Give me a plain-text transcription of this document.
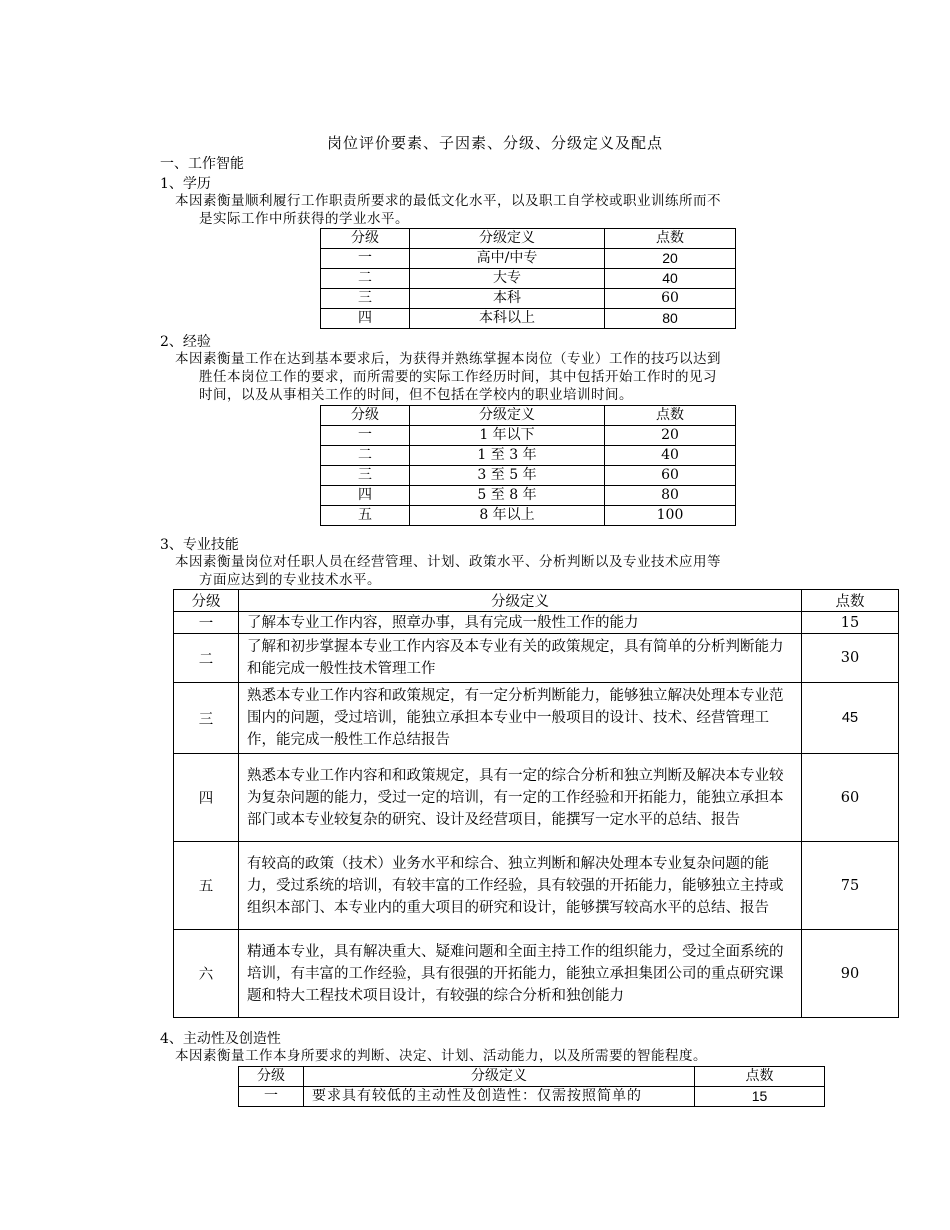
岗位评价要素、子因素、分级、分级定义及配点
一、工作智能
1、学历
本因素衡量顺利履行工作职责所要求的最低文化水平，以及职工自学校或职业训练所而不
是实际工作中所获得的学业水平。
分级	分级定义	点数
一	高中/中专	20
二	大专	40
三	本科	60
四	本科以上	80
2、经验
本因素衡量工作在达到基本要求后，为获得并熟练掌握本岗位（专业）工作的技巧以达到
胜任本岗位工作的要求，而所需要的实际工作经历时间，其中包括开始工作时的见习
时间，以及从事相关工作的时间，但不包括在学校内的职业培训时间。
分级	分级定义	点数
一	1 年以下	20
二	1 至 3 年	40
三	3 至 5 年	60
四	5 至 8 年	80
五	8 年以上	100
3、专业技能
本因素衡量岗位对任职人员在经营管理、计划、政策水平、分析判断以及专业技术应用等
方面应达到的专业技术水平。
分级	分级定义	点数
一	了解本专业工作内容，照章办事，具有完成一般性工作的能力	15
二	了解和初步掌握本专业工作内容及本专业有关的政策规定，具有简单的分析判断能力和能完成一般性技术管理工作	30
三	熟悉本专业工作内容和政策规定，有一定分析判断能力，能够独立解决处理本专业范围内的问题，受过培训，能独立承担本专业中一般项目的设计、技术、经营管理工作，能完成一般性工作总结报告	45
四	熟悉本专业工作内容和和政策规定，具有一定的综合分析和独立判断及解决本专业较为复杂问题的能力，受过一定的培训，有一定的工作经验和开拓能力，能独立承担本部门或本专业较复杂的研究、设计及经营项目，能撰写一定水平的总结、报告	60
五	有较高的政策（技术）业务水平和综合、独立判断和解决处理本专业复杂问题的能力，受过系统的培训，有较丰富的工作经验，具有较强的开拓能力，能够独立主持或组织本部门、本专业内的重大项目的研究和设计，能够撰写较高水平的总结、报告	75
六	精通本专业，具有解决重大、疑难问题和全面主持工作的组织能力，受过全面系统的培训，有丰富的工作经验，具有很强的开拓能力，能独立承担集团公司的重点研究课题和特大工程技术项目设计，有较强的综合分析和独创能力	90
4、主动性及创造性
本因素衡量工作本身所要求的判断、决定、计划、活动能力，以及所需要的智能程度。
分级	分级定义	点数
一	要求具有较低的主动性及创造性：仅需按照简单的	15
